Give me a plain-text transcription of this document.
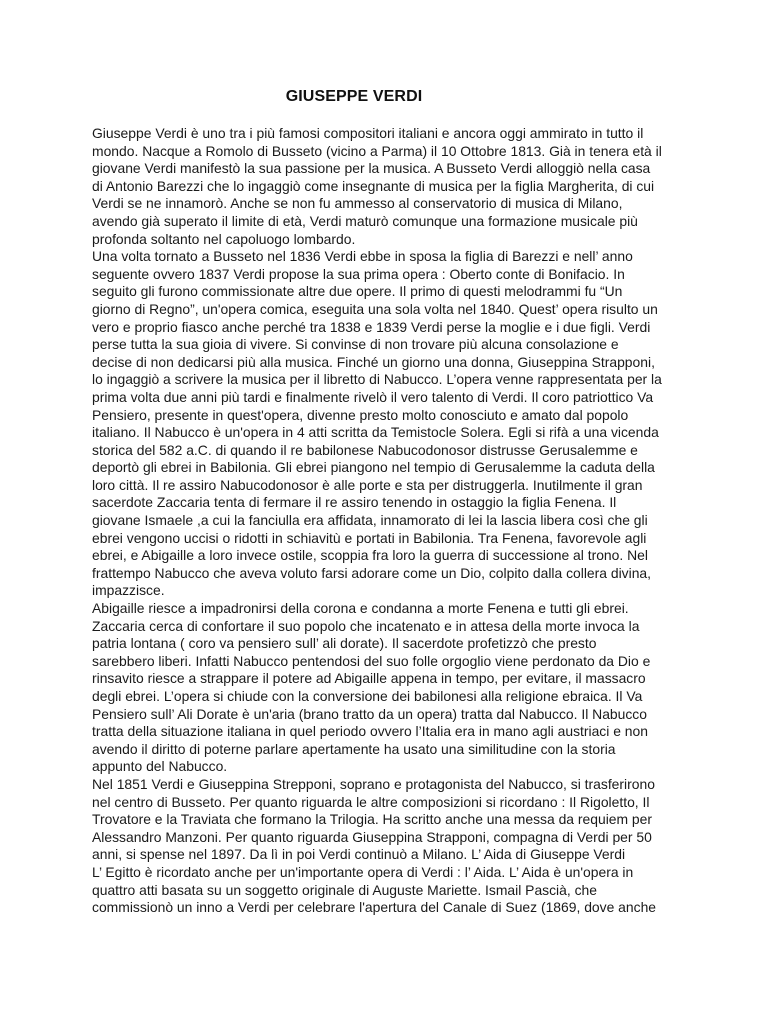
GIUSEPPE VERDI
Giuseppe Verdi è uno tra i più famosi compositori italiani e ancora oggi ammirato in tutto il
mondo. Nacque a Romolo di Busseto (vicino a Parma) il 10 Ottobre 1813. Già in tenera età il
giovane Verdi manifestò la sua passione per la musica. A Busseto Verdi alloggiò nella casa
di Antonio Barezzi che lo ingaggiò come insegnante di musica per la figlia Margherita, di cui
Verdi se ne innamorò. Anche se non fu ammesso al conservatorio di musica di Milano,
avendo già superato il limite di età, Verdi maturò comunque una formazione musicale più
profonda soltanto nel capoluogo lombardo.
Una volta tornato a Busseto nel 1836 Verdi ebbe in sposa la figlia di Barezzi e nell’ anno
seguente ovvero 1837 Verdi propose la sua prima opera : Oberto conte di Bonifacio. In
seguito gli furono commissionate altre due opere. Il primo di questi melodrammi fu “Un
giorno di Regno”, un'opera comica, eseguita una sola volta nel 1840. Quest’ opera risulto un
vero e proprio fiasco anche perché tra 1838 e 1839 Verdi perse la moglie e i due figli. Verdi
perse tutta la sua gioia di vivere. Si convinse di non trovare più alcuna consolazione e
decise di non dedicarsi più alla musica. Finché un giorno una donna, Giuseppina Strapponi,
lo ingaggiò a scrivere la musica per il libretto di Nabucco. L’opera venne rappresentata per la
prima volta due anni più tardi e finalmente rivelò il vero talento di Verdi. Il coro patriottico Va
Pensiero, presente in quest'opera, divenne presto molto conosciuto e amato dal popolo
italiano. Il Nabucco è un'opera in 4 atti scritta da Temistocle Solera. Egli si rifà a una vicenda
storica del 582 a.C. di quando il re babilonese Nabucodonosor distrusse Gerusalemme e
deportò gli ebrei in Babilonia. Gli ebrei piangono nel tempio di Gerusalemme la caduta della
loro città. Il re assiro Nabucodonosor è alle porte e sta per distruggerla. Inutilmente il gran
sacerdote Zaccaria tenta di fermare il re assiro tenendo in ostaggio la figlia Fenena. Il
giovane Ismaele ,a cui la fanciulla era affidata, innamorato di lei la lascia libera così che gli
ebrei vengono uccisi o ridotti in schiavitù e portati in Babilonia. Tra Fenena, favorevole agli
ebrei, e Abigaille a loro invece ostile, scoppia fra loro la guerra di successione al trono. Nel
frattempo Nabucco che aveva voluto farsi adorare come un Dio, colpito dalla collera divina,
impazzisce.
Abigaille riesce a impadronirsi della corona e condanna a morte Fenena e tutti gli ebrei.
Zaccaria cerca di confortare il suo popolo che incatenato e in attesa della morte invoca la
patria lontana ( coro va pensiero sull’ ali dorate). Il sacerdote profetizzò che presto
sarebbero liberi. Infatti Nabucco pentendosi del suo folle orgoglio viene perdonato da Dio e
rinsavito riesce a strappare il potere ad Abigaille appena in tempo, per evitare, il massacro
degli ebrei. L’opera si chiude con la conversione dei babilonesi alla religione ebraica. Il Va
Pensiero sull’ Ali Dorate è un'aria (brano tratto da un opera) tratta dal Nabucco. Il Nabucco
tratta della situazione italiana in quel periodo ovvero l’Italia era in mano agli austriaci e non
avendo il diritto di poterne parlare apertamente ha usato una similitudine con la storia
appunto del Nabucco.
Nel 1851 Verdi e Giuseppina Strepponi, soprano e protagonista del Nabucco, si trasferirono
nel centro di Busseto. Per quanto riguarda le altre composizioni si ricordano : Il Rigoletto, Il
Trovatore e la Traviata che formano la Trilogia. Ha scritto anche una messa da requiem per
Alessandro Manzoni. Per quanto riguarda Giuseppina Strapponi, compagna di Verdi per 50
anni, si spense nel 1897. Da lì in poi Verdi continuò a Milano. L’ Aida di Giuseppe Verdi
L’ Egitto è ricordato anche per un'importante opera di Verdi : l’ Aida. L’ Aida è un'opera in
quattro atti basata su un soggetto originale di Auguste Mariette. Ismail Pascià, che
commissionò un inno a Verdi per celebrare l'apertura del Canale di Suez (1869, dove anche
